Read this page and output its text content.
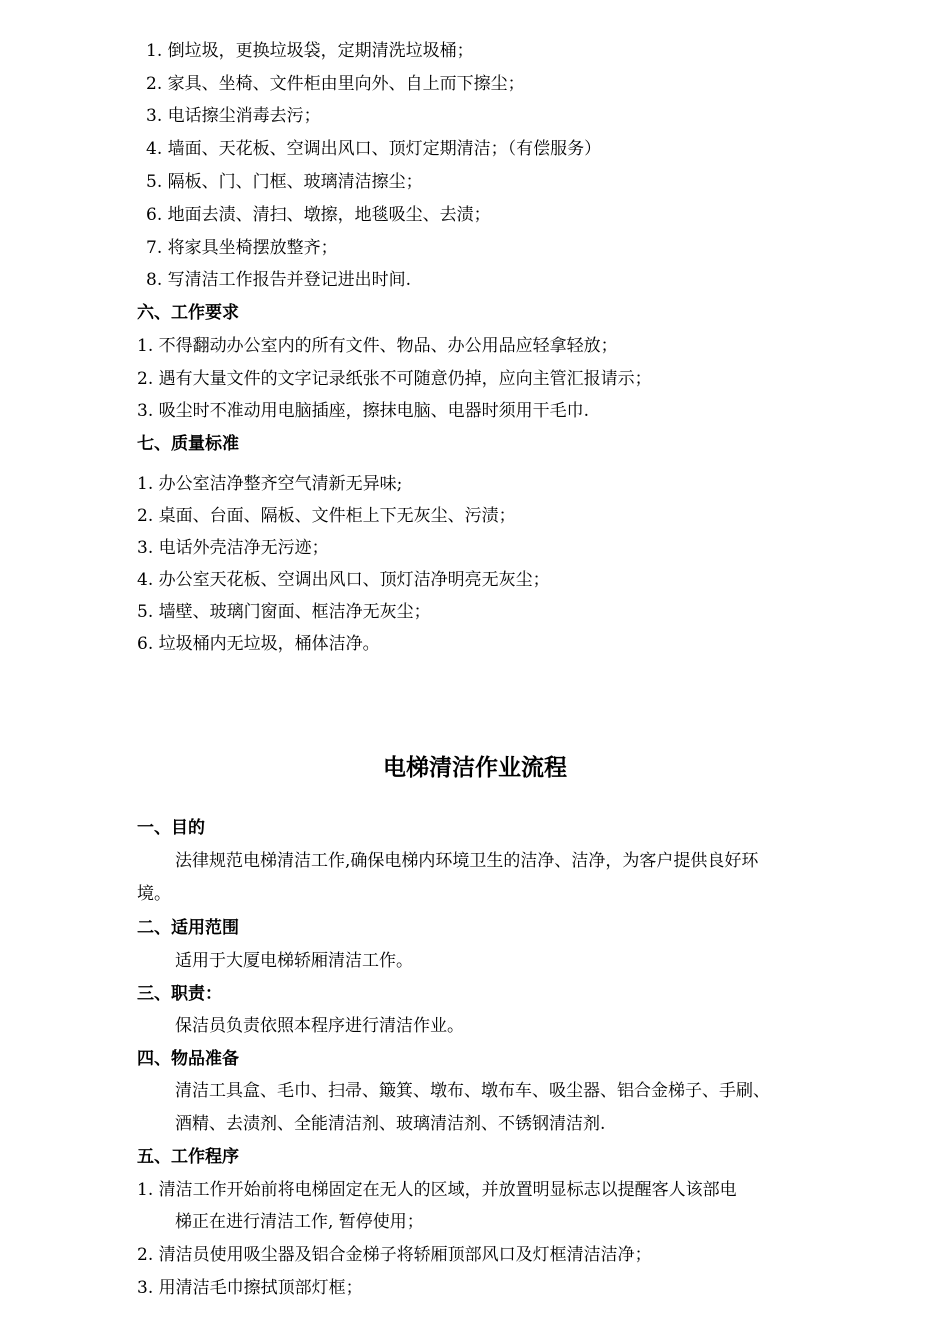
1. 倒垃圾，更换垃圾袋，定期清洗垃圾桶；
2. 家具、坐椅、文件柜由里向外、自上而下擦尘；
3. 电话擦尘消毒去污；
4. 墙面、天花板、空调出风口、顶灯定期清洁；（有偿服务）
5. 隔板、门、门框、玻璃清洁擦尘；
6. 地面去渍、清扫、墩擦，地毯吸尘、去渍；
7. 将家具坐椅摆放整齐；
8. 写清洁工作报告并登记进出时间.
六、工作要求
1. 不得翻动办公室内的所有文件、物品、办公用品应轻拿轻放；
2. 遇有大量文件的文字记录纸张不可随意仍掉，应向主管汇报请示；
3. 吸尘时不准动用电脑插座，擦抹电脑、电器时须用干毛巾.
七、质量标准
1. 办公室洁净整齐空气清新无异味;
2. 桌面、台面、隔板、文件柜上下无灰尘、污渍；
3. 电话外壳洁净无污迹；
4. 办公室天花板、空调出风口、顶灯洁净明亮无灰尘；
5. 墙壁、玻璃门窗面、框洁净无灰尘；
6. 垃圾桶内无垃圾，桶体洁净。
电梯清洁作业流程
一、目的
法律规范电梯清洁工作,确保电梯内环境卫生的洁净、洁净，为客户提供良好环
境。
二、适用范围
适用于大厦电梯轿厢清洁工作。
三、职责：
保洁员负责依照本程序进行清洁作业。
四、物品准备
清洁工具盒、毛巾、扫帚、簸箕、墩布、墩布车、吸尘器、铝合金梯子、手刷、
酒精、去渍剂、全能清洁剂、玻璃清洁剂、不锈钢清洁剂.
五、工作程序
1. 清洁工作开始前将电梯固定在无人的区域，并放置明显标志以提醒客人该部电
梯正在进行清洁工作, 暂停使用；
2. 清洁员使用吸尘器及铝合金梯子将轿厢顶部风口及灯框清洁洁净；
3. 用清洁毛巾擦拭顶部灯框；
